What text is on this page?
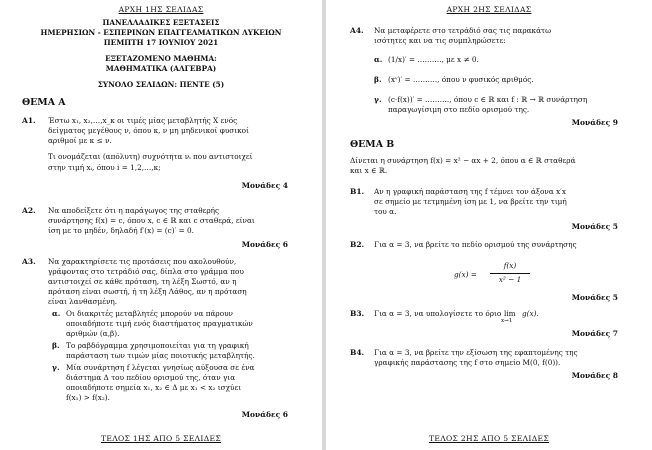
ΑΡΧΗ 1ΗΣ ΣΕΛΙΔΑΣ
ΠΑΝΕΛΛΑΔΙΚΕΣ ΕΞΕΤΑΣΕΙΣ
ΗΜΕΡΗΣΙΩΝ - ΕΣΠΕΡΙΝΩΝ ΕΠΑΓΓΕΛΜΑΤΙΚΩΝ ΛΥΚΕΙΩΝ
ΠΕΜΠΤΗ 17 ΙΟΥΝΙΟΥ 2021
ΕΞΕΤΑΖΟΜΕΝΟ ΜΑΘΗΜΑ:
ΜΑΘΗΜΑΤΙΚΑ (ΑΛΓΕΒΡΑ)
ΣΥΝΟΛΟ ΣΕΛΙΔΩΝ: ΠΕΝΤΕ (5)
ΘΕΜΑ Α
Α1. Έστω x₁, x₂,…,x_κ οι τιμές μίας μεταβλητής X ενός
δείγματος μεγέθους ν, όπου κ, ν μη μηδενικοί φυσικοί
αριθμοί με κ ≤ ν.
Τι ονομάζεται (απόλυτη) συχνότητα νᵢ που αντιστοιχεί
στην τιμή xᵢ, όπου i = 1,2,…,κ;
Μονάδες 4
Α2. Να αποδείξετε ότι η παράγωγος της σταθερής
συνάρτησης f(x) = c, όπου x, c ∈ ℝ και c σταθερά, είναι
ίση με το μηδέν, δηλαδή f′(x) = (c)′ = 0.
Μονάδες 6
Α3. Να χαρακτηρίσετε τις προτάσεις που ακολουθούν,
γράφοντας στο τετράδιό σας, δίπλα στο γράμμα που
αντιστοιχεί σε κάθε πρόταση, τη λέξη Σωστό, αν η
πρόταση είναι σωστή, ή τη λέξη Λάθος, αν η πρόταση
είναι λανθασμένη.
α. Οι διακριτές μεταβλητές μπορούν να πάρουν
οποιαδήποτε τιμή ενός διαστήματος πραγματικών
αριθμών (α,β).
β. Το ραβδόγραμμα χρησιμοποιείται για τη γραφική
παράσταση των τιμών μίας ποιοτικής μεταβλητής.
γ. Μία συνάρτηση f λέγεται γνησίως αύξουσα σε ένα
διάστημα Δ του πεδίου ορισμού της, όταν για
οποιαδήποτε σημεία x₁, x₂ ∈ Δ με x₁ < x₂ ισχύει
f(x₁) > f(x₂).
Μονάδες 6
ΤΕΛΟΣ 1ΗΣ ΑΠΟ 5 ΣΕΛΙΔΕΣ
ΑΡΧΗ 2ΗΣ ΣΕΛΙΔΑΣ
Α4. Να μεταφέρετε στο τετράδιό σας τις παρακάτω
ισότητες και να τις συμπληρώσετε:
α. (1/x)′ = ………., με x ≠ 0.
β. (xᵛ)′ = ………., όπου ν φυσικός αριθμός.
γ. (c·f(x))′ = ………., όπου c ∈ ℝ και f : ℝ → ℝ συνάρτηση
παραγωγίσιμη στο πεδίο ορισμού της.
Μονάδες 9
ΘΕΜΑ Β
Δίνεται η συνάρτηση f(x) = x² − αx + 2, όπου α ∈ ℝ σταθερά
και x ∈ ℝ.
Β1. Αν η γραφική παράσταση της f τέμνει τον άξονα x′x
σε σημείο με τετμημένη ίση με 1, να βρείτε την τιμή
του α.
Μονάδες 5
Β2. Για α = 3, να βρείτε το πεδίο ορισμού της συνάρτησης
g(x) =
f(x)
x² − 1
Μονάδες 5
Β3. Για α = 3, να υπολογίσετε το όριο lim
x→1
g(x).
Μονάδες 7
Β4. Για α = 3, να βρείτε την εξίσωση της εφαπτομένης της
γραφικής παράστασης της f στο σημείο M(0, f(0)).
Μονάδες 8
ΤΕΛΟΣ 2ΗΣ ΑΠΟ 5 ΣΕΛΙΔΕΣ
